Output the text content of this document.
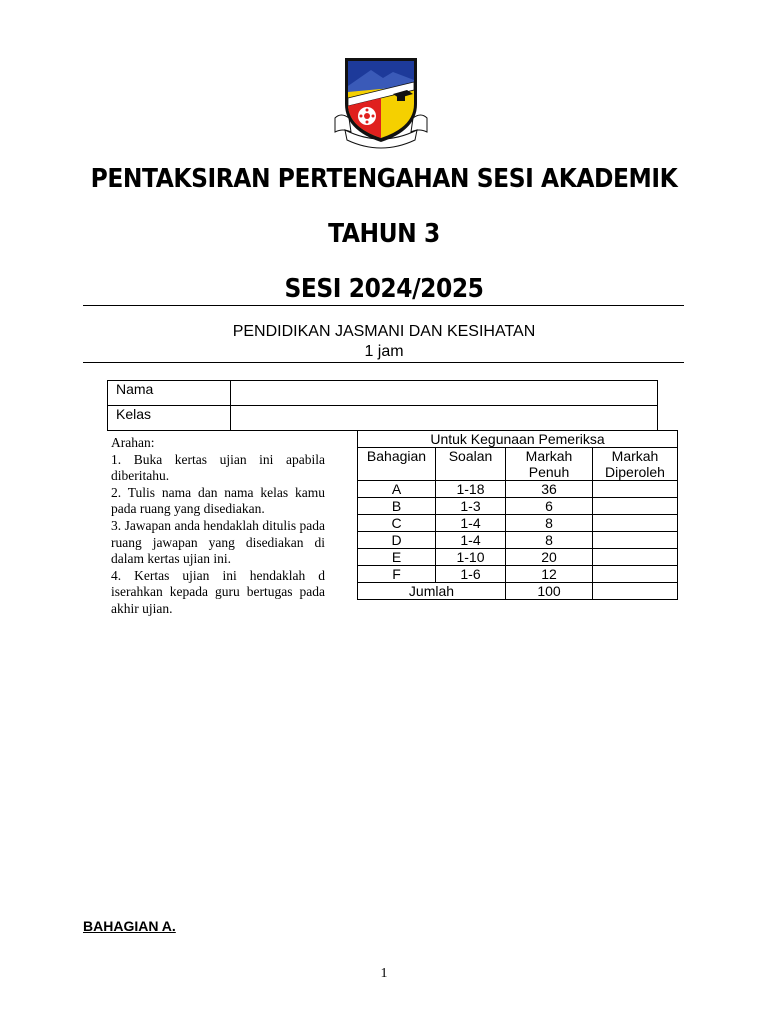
PENTAKSIRAN PERTENGAHAN SESI AKADEMIK
TAHUN 3
SESI 2024/2025
PENDIDIKAN JASMANI DAN KESIHATAN
1 jam
Nama	
Kelas	

Arahan:

1. Buka kertas ujian ini apabila diberitahu.

2. Tulis nama dan nama kelas kamu pada ruang yang disediakan.

3. Jawapan anda hendaklah ditulis pada ruang jawapan yang disediakan di dalam kertas ujian ini.

4. Kertas ujian ini hendaklah d iserahkan kepada guru bertugas pada akhir ujian.

Untuk Kegunaan Pemeriksa			
Bahagian	Soalan	Markah Penuh	Markah Diperoleh
A	1-18	36	
B	1-3	6	
C	1-4	8	
D	1-4	8	
E	1-10	20	
F	1-6	12	
Jumlah		100	
BAHAGIAN A.
1
